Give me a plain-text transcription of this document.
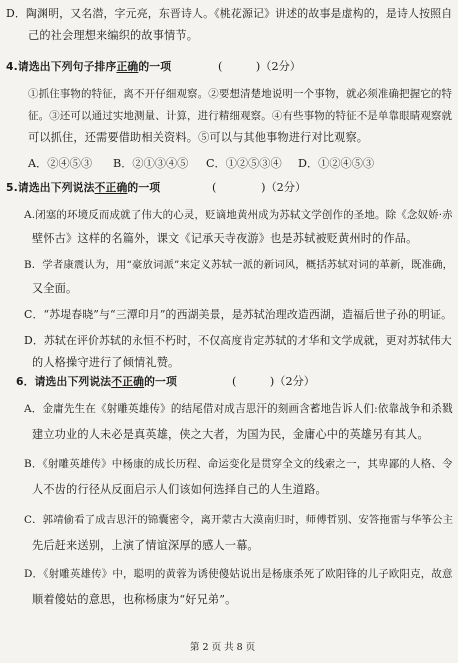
D．陶渊明，又名潜，字元亮，东晋诗人。《桃花源记》讲述的故事是虚构的，是诗人按照自
己的社会理想来编织的故事情节。
4.请选出下列句子排序正确的一项	(　　　)（2分）
①抓住事物的特征，离不开仔细观察。②要想清楚地说明一个事物，就必须准确把握它的特
征。③还可以通过实地测量、计算，进行精细观察。④有些事物的特征不是单靠眼睛观察就
可以抓住，还需要借助相关资料。⑤可以与其他事物进行对比观察。
A．②④⑤③ B．②①③④⑤ C．①②⑤③④ D．①②④⑤③
5.请选出下列说法不正确的一项	(　　　　)（2分）
A.闭塞的环境反而成就了伟大的心灵，贬谪地黄州成为苏轼文学创作的圣地。除《念奴娇·赤
壁怀古》这样的名篇外，课文《记承天寺夜游》也是苏轼被贬黄州时的作品。
B．学者康震认为，用“豪放词派”来定义苏轼一派的新词风，概括苏轼对词的革新，既准确，
又全面。
C．“苏堤春晓”与“三潭印月”的西湖美景，是苏轼治理改造西湖，造福后世子孙的明证。
D．苏轼在评价苏轼的永恒不朽时，不仅高度肯定苏轼的才华和文学成就，更对苏轼伟大
的人格操守进行了倾情礼赞。
6．请选出下列说法不正确的一项	(　　　)（2分）
A．金庸先生在《射雕英雄传》的结尾借对成吉思汗的刻画含蓄地告诉人们:依靠战争和杀戮
建立功业的人未必是真英雄，侠之大者，为国为民，金庸心中的英雄另有其人。
B．《射雕英雄传》中杨康的成长历程、命运变化是贯穿全文的线索之一，其卑鄙的人格、令
人不齿的行径从反面启示人们该如何选择自己的人生道路。
C．郭靖偷看了成吉思汗的锦囊密令，离开蒙古大漠南归时，师傅哲别、安答拖雷与华筝公主
先后赶来送别，上演了情谊深厚的感人一幕。
D．《射雕英雄传》中，聪明的黄蓉为诱使傻姑说出是杨康杀死了欧阳锋的儿子欧阳克，故意
顺着傻姑的意思，也称杨康为“好兄弟”。
第 2 页 共 8 页
